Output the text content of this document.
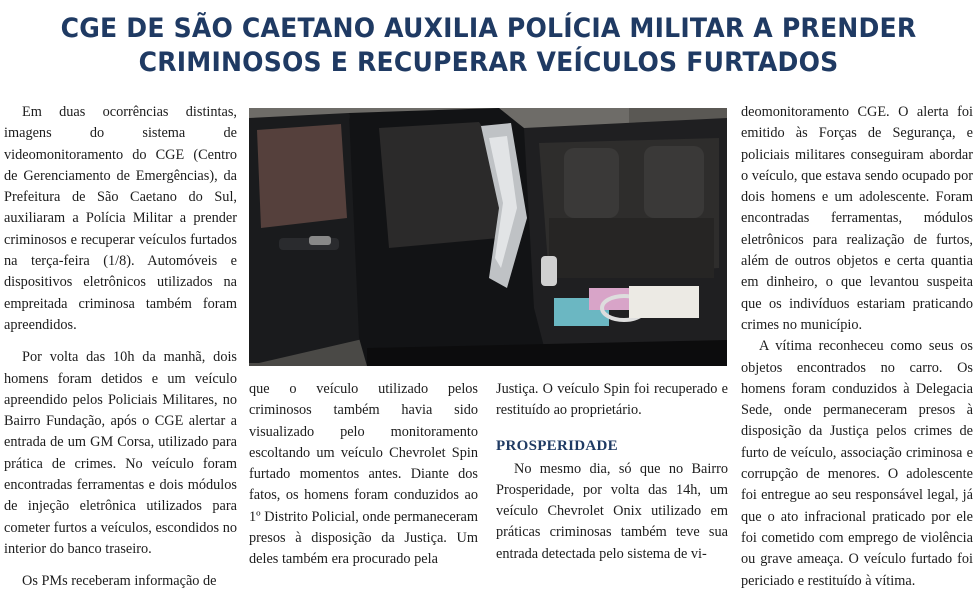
CGE DE SÃO CAETANO AUXILIA POLÍCIA MILITAR A PRENDER
CRIMINOSOS E RECUPERAR VEÍCULOS FURTADOS

Em duas ocorrências distintas, imagens do sistema de videomonitoramento do CGE (Centro de Gerenciamento de Emergências), da Prefeitura de São Caetano do Sul, auxiliaram a Polícia Militar a prender criminosos e recuperar veículos furtados na terça-feira (1/8). Automóveis e dispositivos eletrônicos utilizados na empreitada criminosa também foram apreendidos.

Por volta das 10h da manhã, dois homens foram detidos e um veículo apreendido pelos Policiais Militares, no Bairro Fundação, após o CGE alertar a entrada de um GM Corsa, utilizado para prática de crimes. No veículo foram encontradas ferramentas e dois módulos de injeção eletrônica utilizados para cometer furtos a veículos, escondidos no interior do banco traseiro.

Os PMs receberam informação de

que o veículo utilizado pelos criminosos também havia sido visualizado pelo monitoramento escoltando um veículo Chevrolet Spin furtado momentos antes. Diante dos fatos, os homens foram conduzidos ao 1º Distrito Policial, onde permaneceram presos à disposição da Justiça. Um deles também era procurado pela

Justiça. O veículo Spin foi recuperado e restituído ao proprietário.

PROSPERIDADE

No mesmo dia, só que no Bairro Prosperidade, por volta das 14h, um veículo Chevrolet Onix utilizado em práticas criminosas também teve sua entrada detectada pelo sistema de vi-

deomonitoramento CGE. O alerta foi emitido às Forças de Segurança, e policiais militares conseguiram abordar o veículo, que estava sendo ocupado por dois homens e um adolescente. Foram encontradas ferramentas, módulos eletrônicos para realização de furtos, além de outros objetos e certa quantia em dinheiro, o que levantou suspeita que os indivíduos estariam praticando crimes no município.

A vítima reconheceu como seus os objetos encontrados no carro. Os homens foram conduzidos à Delegacia Sede, onde permaneceram presos à disposição da Justiça pelos crimes de furto de veículo, associação criminosa e corrupção de menores. O adolescente foi entregue ao seu responsável legal, já que o ato infracional praticado por ele foi cometido com emprego de violência ou grave ameaça. O veículo furtado foi periciado e restituído à vítima.
